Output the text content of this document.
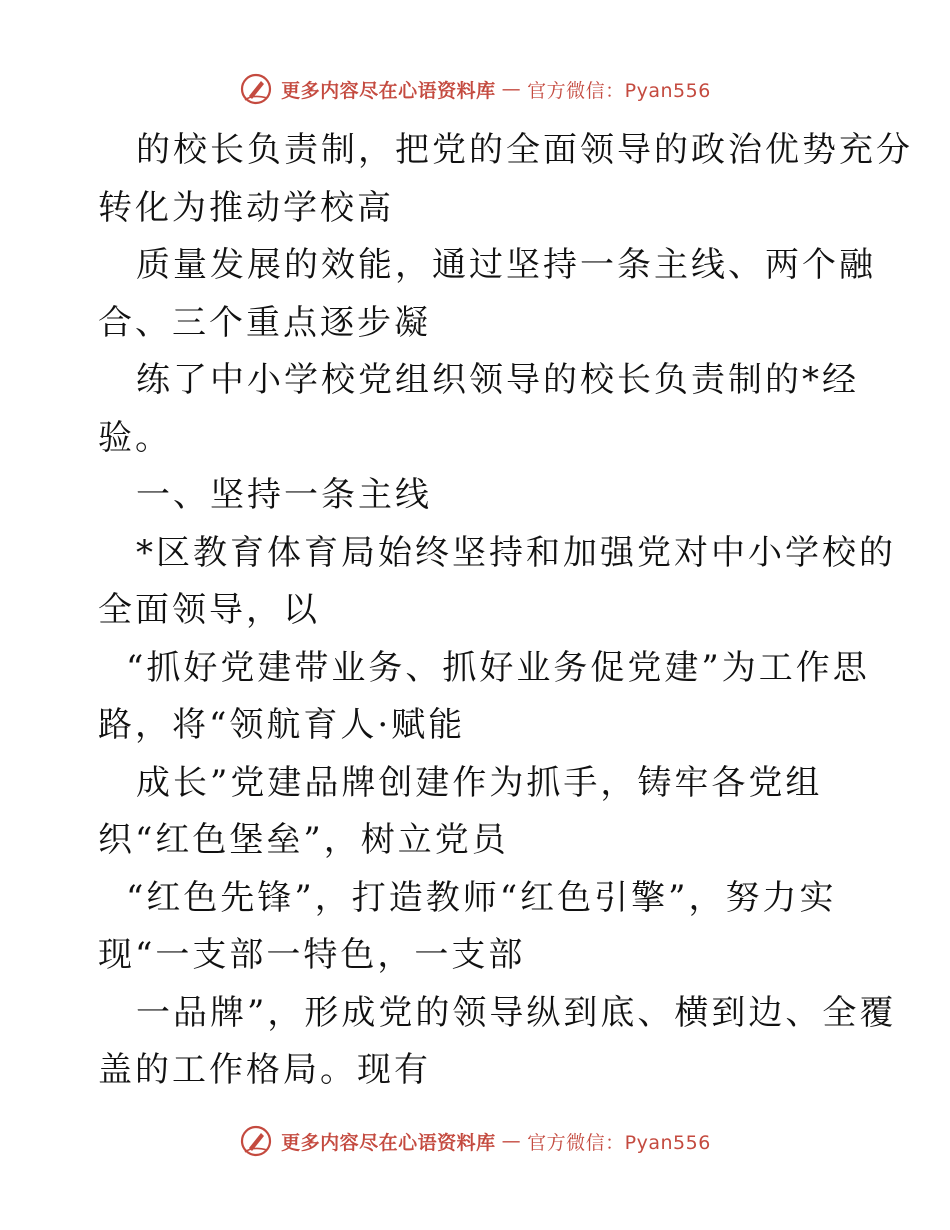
更多内容尽在心语资料库 — 官方微信：Pyan556
的校长负责制，把党的全面领导的政治优势充分
转化为推动学校高
质量发展的效能，通过坚持一条主线、两个融
合、三个重点逐步凝
练了中小学校党组织领导的校长负责制的*经
验。
一、坚持一条主线
*区教育体育局始终坚持和加强党对中小学校的
全面领导，以
“抓好党建带业务、抓好业务促党建”为工作思
路，将“领航育人·赋能
成长”党建品牌创建作为抓手，铸牢各党组
织“红色堡垒”，树立党员
“红色先锋”，打造教师“红色引擎”，努力实
现“一支部一特色，一支部
一品牌”，形成党的领导纵到底、横到边、全覆
盖的工作格局。现有
更多内容尽在心语资料库 — 官方微信：Pyan556
